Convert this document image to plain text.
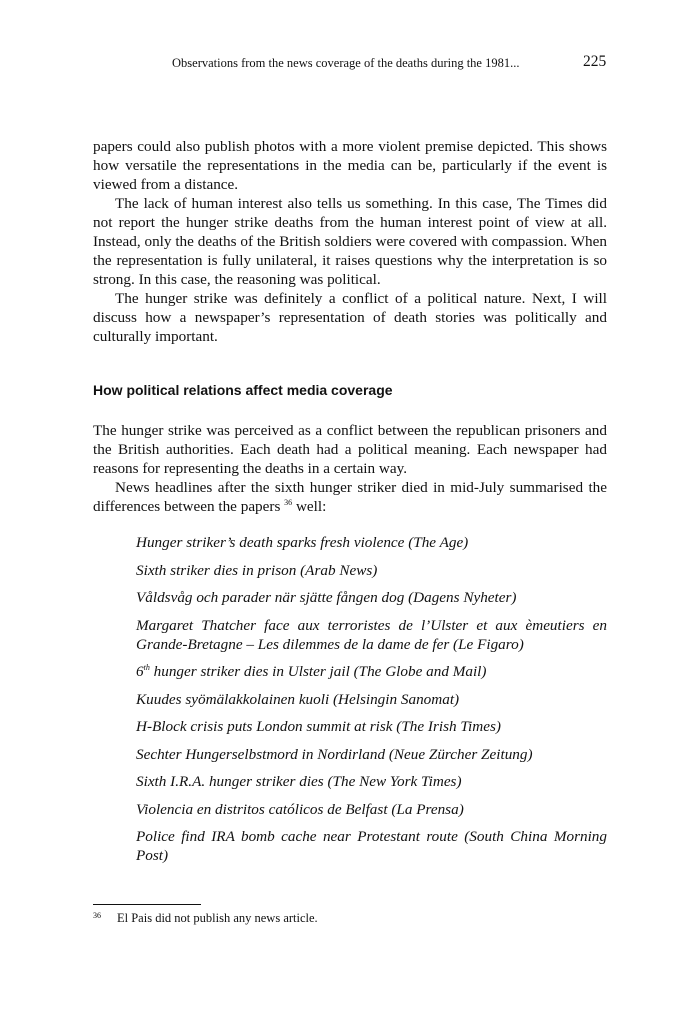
Observations from the news coverage of the deaths during the 1981...	225

papers could also publish photos with a more violent premise depicted. This shows how versatile the representations in the media can be, particularly if the event is viewed from a distance.

The lack of human interest also tells us something. In this case, The Times did not report the hunger strike deaths from the human interest point of view at all. Instead, only the deaths of the British soldiers were covered with compassion. When the representation is fully unilateral, it raises questions why the interpretation is so strong. In this case, the reasoning was political.

The hunger strike was definitely a conflict of a political nature. Next, I will discuss how a newspaper’s representation of death stories was politically and culturally important.

How political relations affect media coverage

The hunger strike was perceived as a conflict between the republican prisoners and the British authorities. Each death had a political meaning. Each newspaper had reasons for representing the deaths in a certain way.

News headlines after the sixth hunger striker died in mid-July summarised the differences between the papers $^{36}$ well:

Hunger striker’s death sparks fresh violence (The Age)
Sixth striker dies in prison (Arab News)
Våldsvåg och parader när sjätte fången dog (Dagens Nyheter)
Margaret Thatcher face aux terroristes de l’Ulster et aux èmeutiers en Grande-Bretagne – Les dilemmes de la dame de fer (Le Figaro)
6th hunger striker dies in Ulster jail (The Globe and Mail)
Kuudes syömälakkolainen kuoli (Helsingin Sanomat)
H-Block crisis puts London summit at risk (The Irish Times)
Sechter Hungerselbstmord in Nordirland (Neue Zürcher Zeitung)
Sixth I.R.A. hunger striker dies (The New York Times)
Violencia en distritos católicos de Belfast (La Prensa)
Police find IRA bomb cache near Protestant route (South China Morning Post)
36 El Pais did not publish any news article.
